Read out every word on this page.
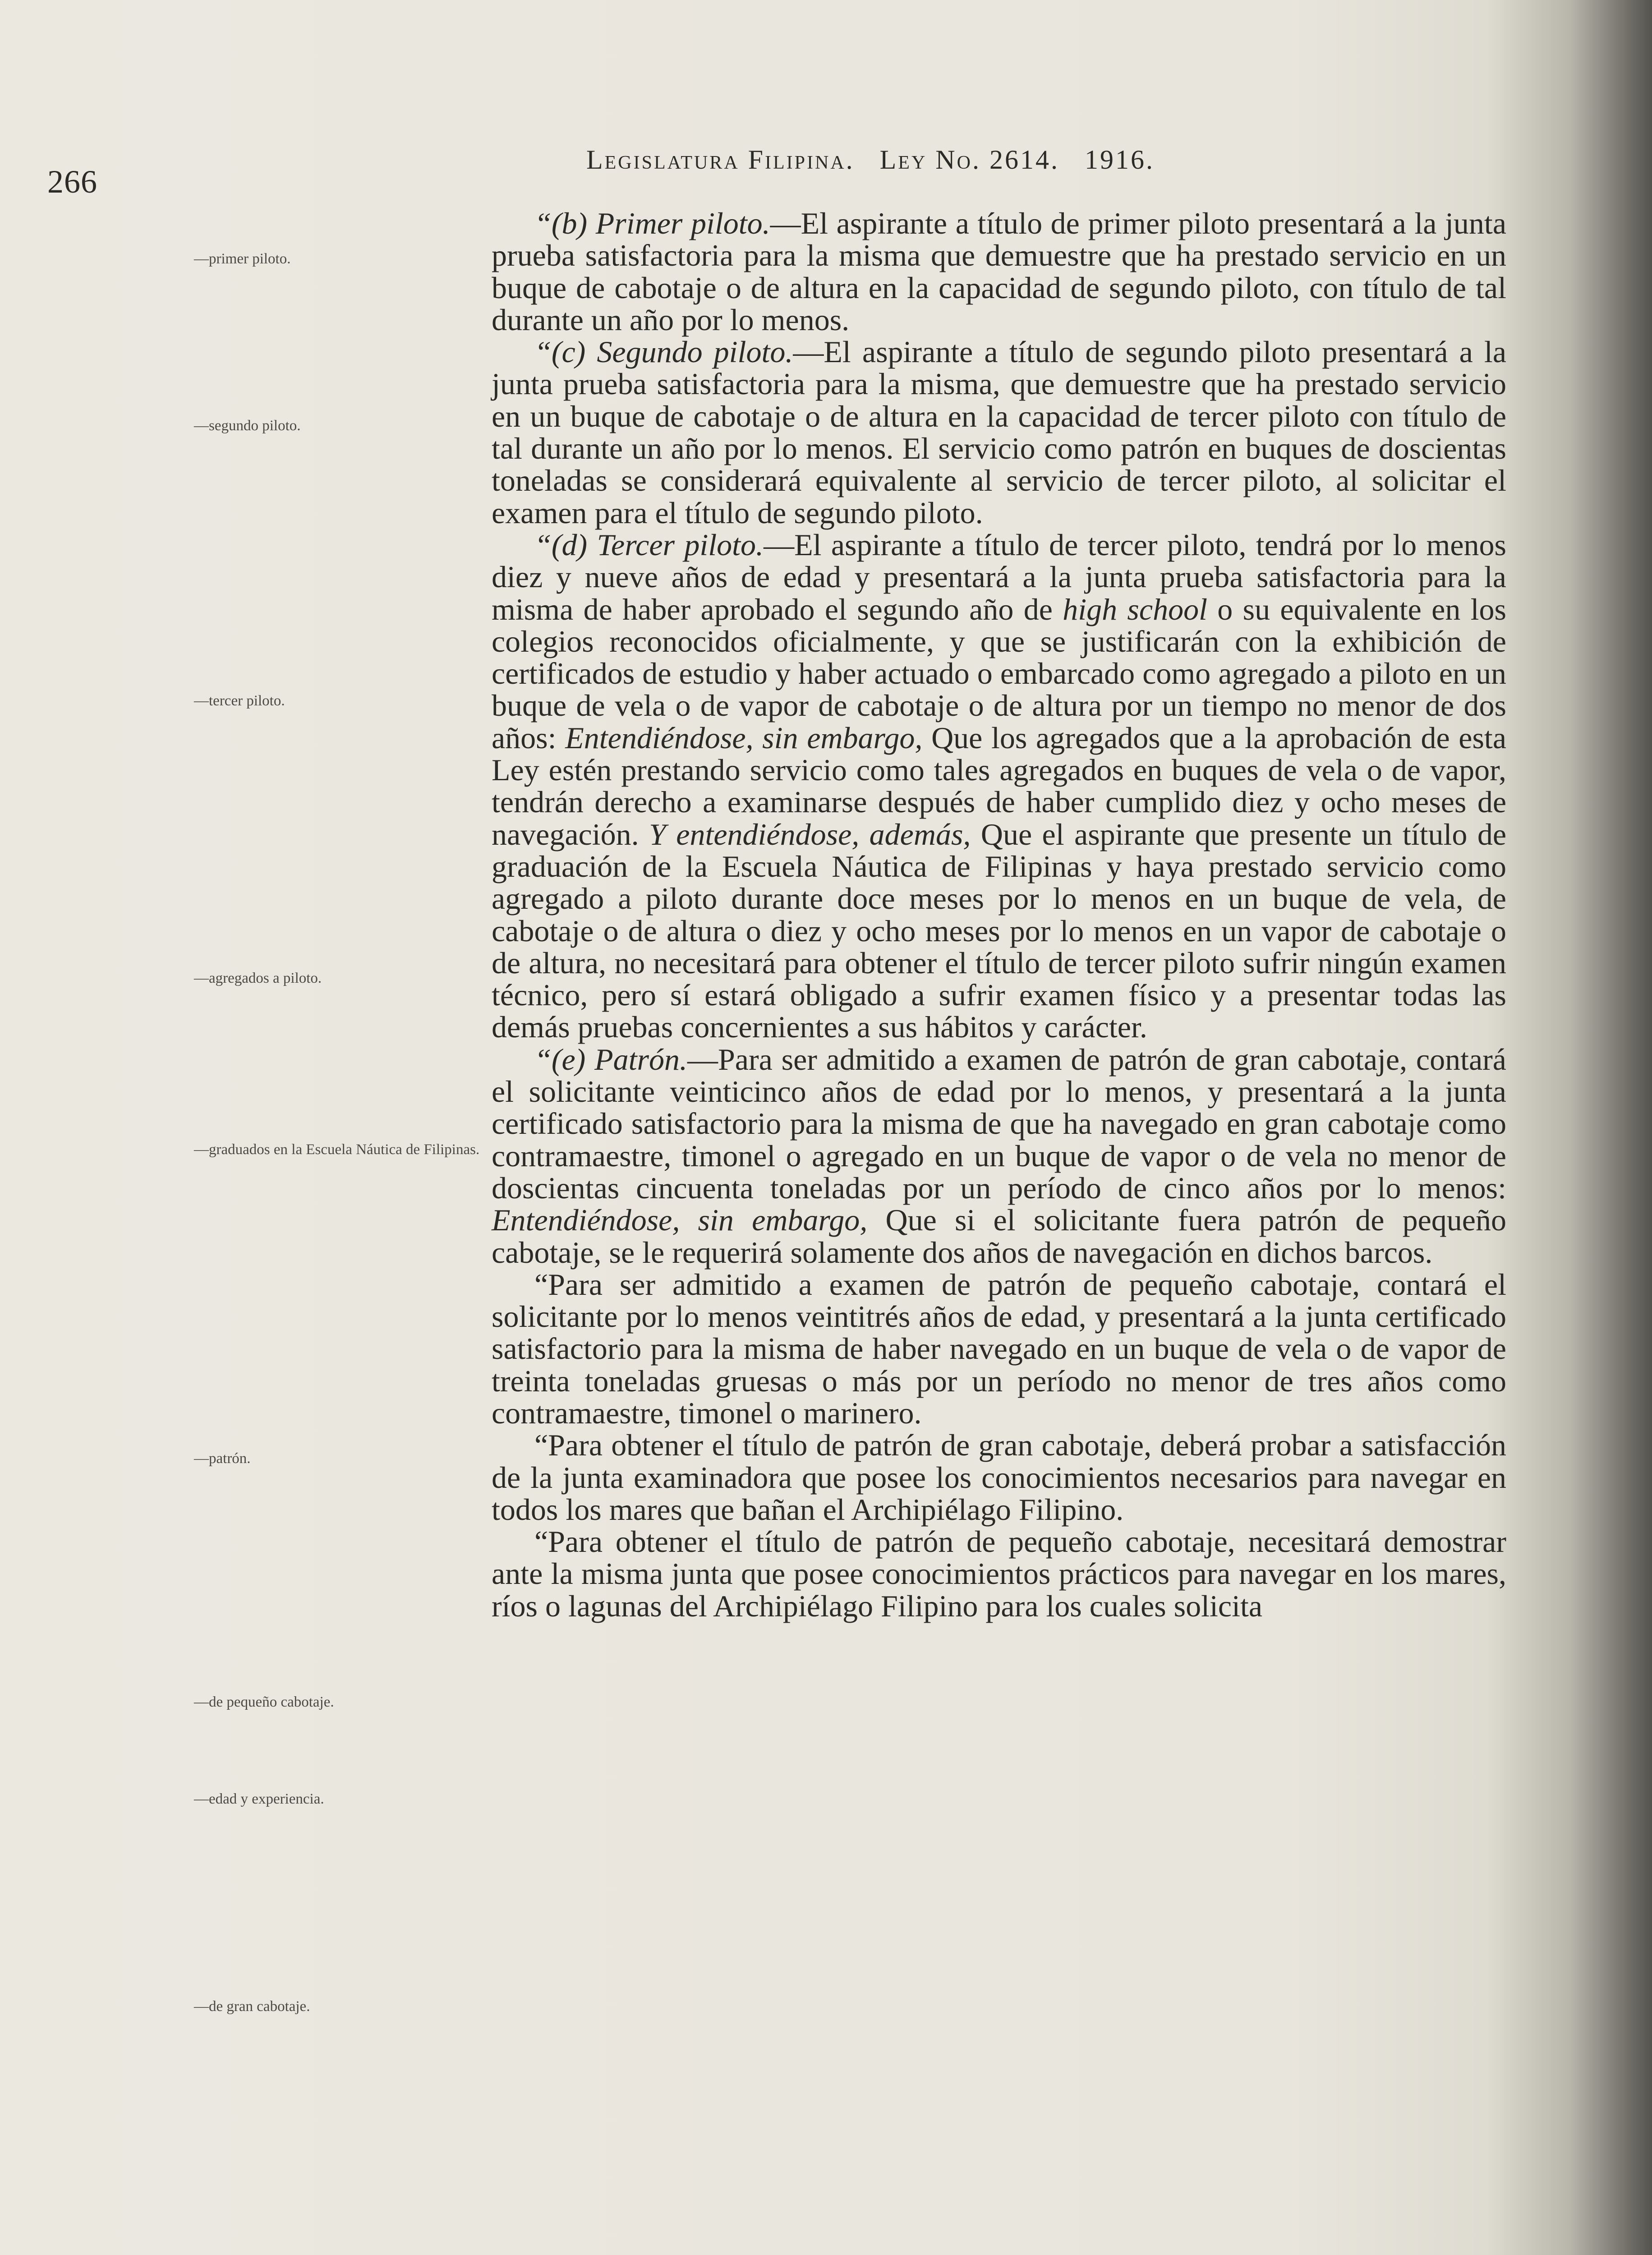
266
Legislatura Filipina. Ley No. 2614. 1916.
—primer piloto.
—segundo piloto.
—tercer piloto.
—agregados a piloto.
—graduados en la Escuela Náutica de Filipinas.
—patrón.
—de pequeño cabotaje.
—edad y experiencia.
—de gran cabotaje.

“(b) Primer piloto.—El aspirante a título de primer piloto presentará a la junta prueba satisfactoria para la misma que demuestre que ha prestado servicio en un buque de cabotaje o de altura en la capacidad de segundo piloto, con título de tal durante un año por lo menos.

“(c) Segundo piloto.—El aspirante a título de segundo piloto presentará a la junta prueba satisfactoria para la misma, que demuestre que ha prestado servicio en un buque de cabotaje o de altura en la capacidad de tercer piloto con título de tal durante un año por lo menos. El servicio como patrón en buques de doscientas toneladas se considerará equivalente al servicio de tercer piloto, al solicitar el examen para el título de segundo piloto.

“(d) Tercer piloto.—El aspirante a título de tercer piloto, tendrá por lo menos diez y nueve años de edad y presentará a la junta prueba satisfactoria para la misma de haber aprobado el segundo año de high school o su equivalente en los colegios reconocidos oficialmente, y que se justificarán con la exhibición de certificados de estudio y haber actuado o embarcado como agregado a piloto en un buque de vela o de vapor de cabotaje o de altura por un tiempo no menor de dos años: Entendiéndose, sin embargo, Que los agregados que a la aprobación de esta Ley estén prestando servicio como tales agregados en buques de vela o de vapor, tendrán derecho a examinarse después de haber cumplido diez y ocho meses de navegación. Y entendiéndose, además, Que el aspirante que presente un título de graduación de la Escuela Náutica de Filipinas y haya prestado servicio como agregado a piloto durante doce meses por lo menos en un buque de vela, de cabotaje o de altura o diez y ocho meses por lo menos en un vapor de cabotaje o de altura, no necesitará para obtener el título de tercer piloto sufrir ningún examen técnico, pero sí estará obligado a sufrir examen físico y a presentar todas las demás pruebas concernientes a sus hábitos y carácter.

“(e) Patrón.—Para ser admitido a examen de patrón de gran cabotaje, contará el solicitante veinticinco años de edad por lo menos, y presentará a la junta certificado satisfactorio para la misma de que ha navegado en gran cabotaje como contramaestre, timonel o agregado en un buque de vapor o de vela no menor de doscientas cincuenta toneladas por un período de cinco años por lo menos: Entendiéndose, sin embargo, Que si el solicitante fuera patrón de pequeño cabotaje, se le requerirá solamente dos años de navegación en dichos barcos.

“Para ser admitido a examen de patrón de pequeño cabotaje, contará el solicitante por lo menos veintitrés años de edad, y presentará a la junta certificado satisfactorio para la misma de haber navegado en un buque de vela o de vapor de treinta toneladas gruesas o más por un período no menor de tres años como contramaestre, timonel o marinero.

“Para obtener el título de patrón de gran cabotaje, deberá probar a satisfacción de la junta examinadora que posee los conocimientos necesarios para navegar en todos los mares que bañan el Archipiélago Filipino.

“Para obtener el título de patrón de pequeño cabotaje, necesitará demostrar ante la misma junta que posee conocimientos prácticos para navegar en los mares, ríos o lagunas del Archipiélago Filipino para los cuales solicita
